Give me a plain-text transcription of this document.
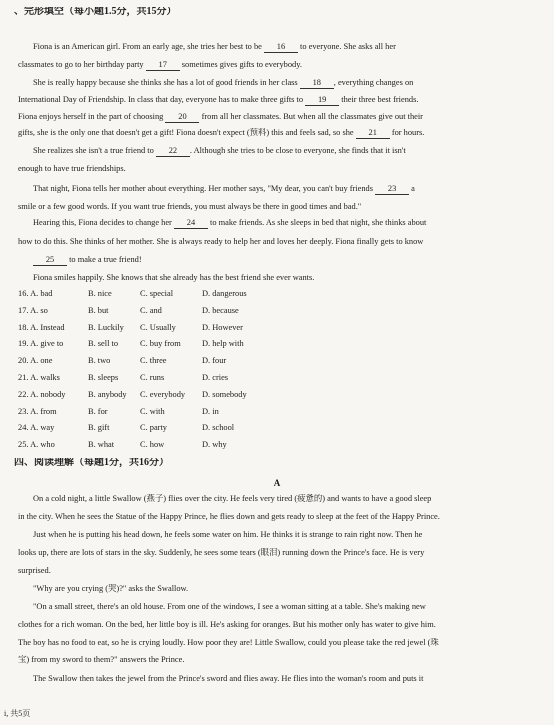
、完形填空（每小题1.5分，共15分）
Fiona is an American girl. From an early age, she tries her best to be 16 to everyone. She asks all her
classmates to go to her birthday party 17 sometimes gives gifts to everybody.
She is really happy because she thinks she has a lot of good friends in her class 18 , everything changes on
International Day of Friendship. In class that day, everyone has to make three gifts to 19 their three best friends.
Fiona enjoys herself in the part of choosing 20 from all her classmates. But when all the classmates give out their
gifts, she is the only one that doesn't get a gift! Fiona doesn't expect (预料) this and feels sad, so she 21 for hours.
She realizes she isn't a true friend to 22 . Although she tries to be close to everyone, she finds that it isn't
enough to have true friendships.
That night, Fiona tells her mother about everything. Her mother says, "My dear, you can't buy friends 23 a
smile or a few good words. If you want true friends, you must always be there in good times and bad."
Hearing this, Fiona decides to change her 24 to make friends. As she sleeps in bed that night, she thinks about
how to do this. She thinks of her mother. She is always ready to help her and loves her deeply. Fiona finally gets to know
25 to make a true friend!
Fiona smiles happily. She knows that she already has the best friend she ever wants.
16. A. bad	B. nice	C. special	D. dangerous
17. A. so	B. but	C. and	D. because
18. A. Instead	B. Luckily C. Usually	D. However
19. A. give to	B. sell to	C. buy from	D. help with
20. A. one	B. two	C. three	D. four
21. A. walks	B. sleeps	C. runs	D. cries
22. A. nobody	B. anybody C. everybody D. somebody
23. A. from	B. for	C. with	D. in
24. A. way	B. gift	C. party	D. school
25. A. who	B. what	C. how	D. why
四、阅读理解（每题1分，共16分）
A
On a cold night, a little Swallow (燕子) flies over the city. He feels very tired (疲惫的) and wants to have a good sleep
in the city. When he sees the Statue of the Happy Prince, he flies down and gets ready to sleep at the feet of the Happy Prince.
Just when he is putting his head down, he feels some water on him. He thinks it is strange to rain right now. Then he
looks up, there are lots of stars in the sky. Suddenly, he sees some tears (眼泪) running down the Prince's face. He is very
surprised.
"Why are you crying (哭)?" asks the Swallow.
"On a small street, there's an old house. From one of the windows, I see a woman sitting at a table. She's making new
clothes for a rich woman. On the bed, her little boy is ill. He's asking for oranges. But his mother only has water to give him.
The boy has no food to eat, so he is crying loudly. How poor they are! Little Swallow, could you please take the red jewel (珠
宝) from my sword to them?" answers the Prince.
The Swallow then takes the jewel from the Prince's sword and flies away. He flies into the woman's room and puts it
i, 共5页
